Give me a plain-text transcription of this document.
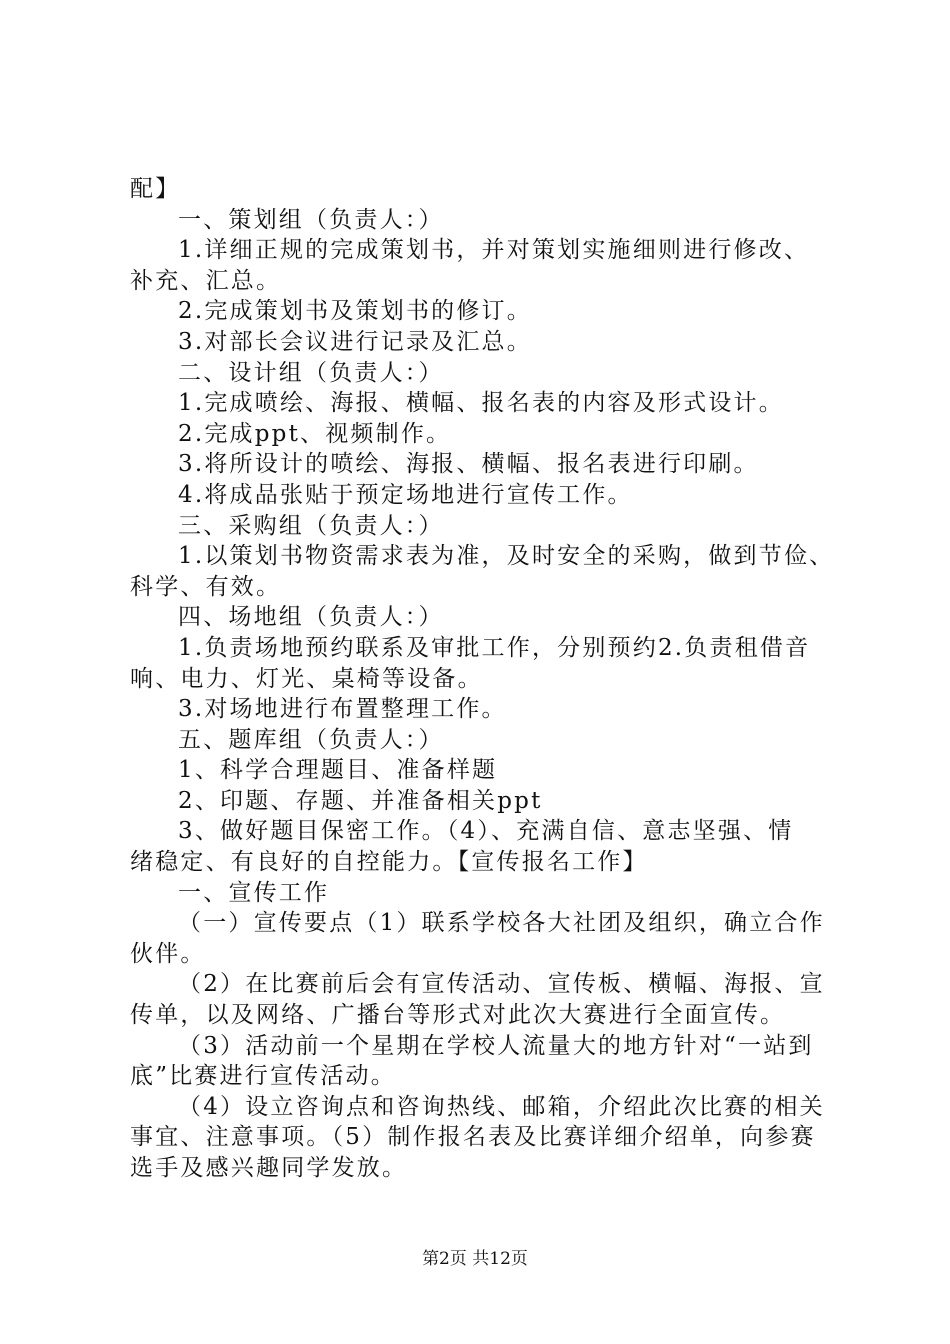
配】
一、策划组（负责人：）
1.详细正规的完成策划书，并对策划实施细则进行修改、
补充、汇总。
2.完成策划书及策划书的修订。
3.对部长会议进行记录及汇总。
二、设计组（负责人：）
1.完成喷绘、海报、横幅、报名表的内容及形式设计。
2.完成ppt、视频制作。
3.将所设计的喷绘、海报、横幅、报名表进行印刷。
4.将成品张贴于预定场地进行宣传工作。
三、采购组（负责人：）
1.以策划书物资需求表为准，及时安全的采购，做到节俭、
科学、有效。
四、场地组（负责人：）
1.负责场地预约联系及审批工作，分别预约2.负责租借音
响、电力、灯光、桌椅等设备。
3.对场地进行布置整理工作。
五、题库组（负责人：）
1、科学合理题目、准备样题
2、印题、存题、并准备相关ppt
3、做好题目保密工作。（4）、充满自信、意志坚强、情
绪稳定、有良好的自控能力。【宣传报名工作】
一、宣传工作
（一）宣传要点（1）联系学校各大社团及组织，确立合作
伙伴。
（2）在比赛前后会有宣传活动、宣传板、横幅、海报、宣
传单，以及网络、广播台等形式对此次大赛进行全面宣传。
（3）活动前一个星期在学校人流量大的地方针对“一站到
底”比赛进行宣传活动。
（4）设立咨询点和咨询热线、邮箱，介绍此次比赛的相关
事宜、注意事项。（5）制作报名表及比赛详细介绍单，向参赛
选手及感兴趣同学发放。
第2页 共12页
